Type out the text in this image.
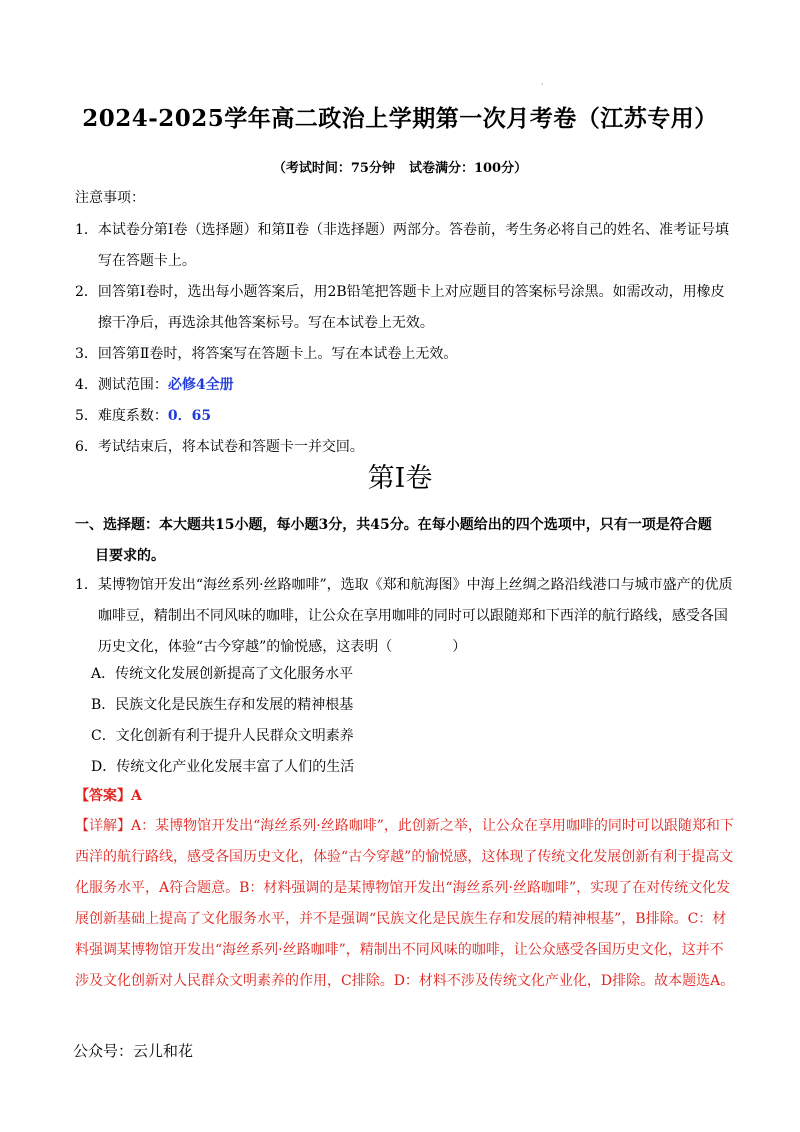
·
2024-2025学年高二政治上学期第一次月考卷（江苏专用）
（考试时间：75分钟 试卷满分：100分）
注意事项：
1． 本试卷分第Ⅰ卷（选择题）和第Ⅱ卷（非选择题）两部分。答卷前，考生务必将自己的姓名、准考证号填写在答题卡上。
2． 回答第Ⅰ卷时，选出每小题答案后，用2B铅笔把答题卡上对应题目的答案标号涂黑。如需改动，用橡皮擦干净后，再选涂其他答案标号。写在本试卷上无效。
3． 回答第Ⅱ卷时，将答案写在答题卡上。写在本试卷上无效。
4． 测试范围：必修4全册
5． 难度系数：0．65
6． 考试结束后，将本试卷和答题卡一并交回。
第Ⅰ卷
一、选择题：本大题共15小题，每小题3分，共45分。在每小题给出的四个选项中，只有一项是符合题
目要求的。
1． 某博物馆开发出“海丝系列·丝路咖啡”，选取《郑和航海图》中海上丝绸之路沿线港口与城市盛产的优质咖啡豆，精制出不同风味的咖啡，让公众在享用咖啡的同时可以跟随郑和下西洋的航行路线，感受各国历史文化，体验“古今穿越”的愉悦感，这表明（	）
A．传统文化发展创新提高了文化服务水平
B．民族文化是民族生存和发展的精神根基
C．文化创新有利于提升人民群众文明素养
D．传统文化产业化发展丰富了人们的生活
【答案】A
【详解】A：某博物馆开发出“海丝系列·丝路咖啡”，此创新之举，让公众在享用咖啡的同时可以跟随郑和下西洋的航行路线，感受各国历史文化，体验“古今穿越”的愉悦感，这体现了传统文化发展创新有利于提高文化服务水平，A符合题意。B：材料强调的是某博物馆开发出“海丝系列·丝路咖啡”，实现了在对传统文化发展创新基础上提高了文化服务水平，并不是强调“民族文化是民族生存和发展的精神根基”，B排除。C：材料强调某博物馆开发出“海丝系列·丝路咖啡”，精制出不同风味的咖啡，让公众感受各国历史文化，这并不涉及文化创新对人民群众文明素养的作用，C排除。D：材料不涉及传统文化产业化，D排除。故本题选A。
公众号：云儿和花
